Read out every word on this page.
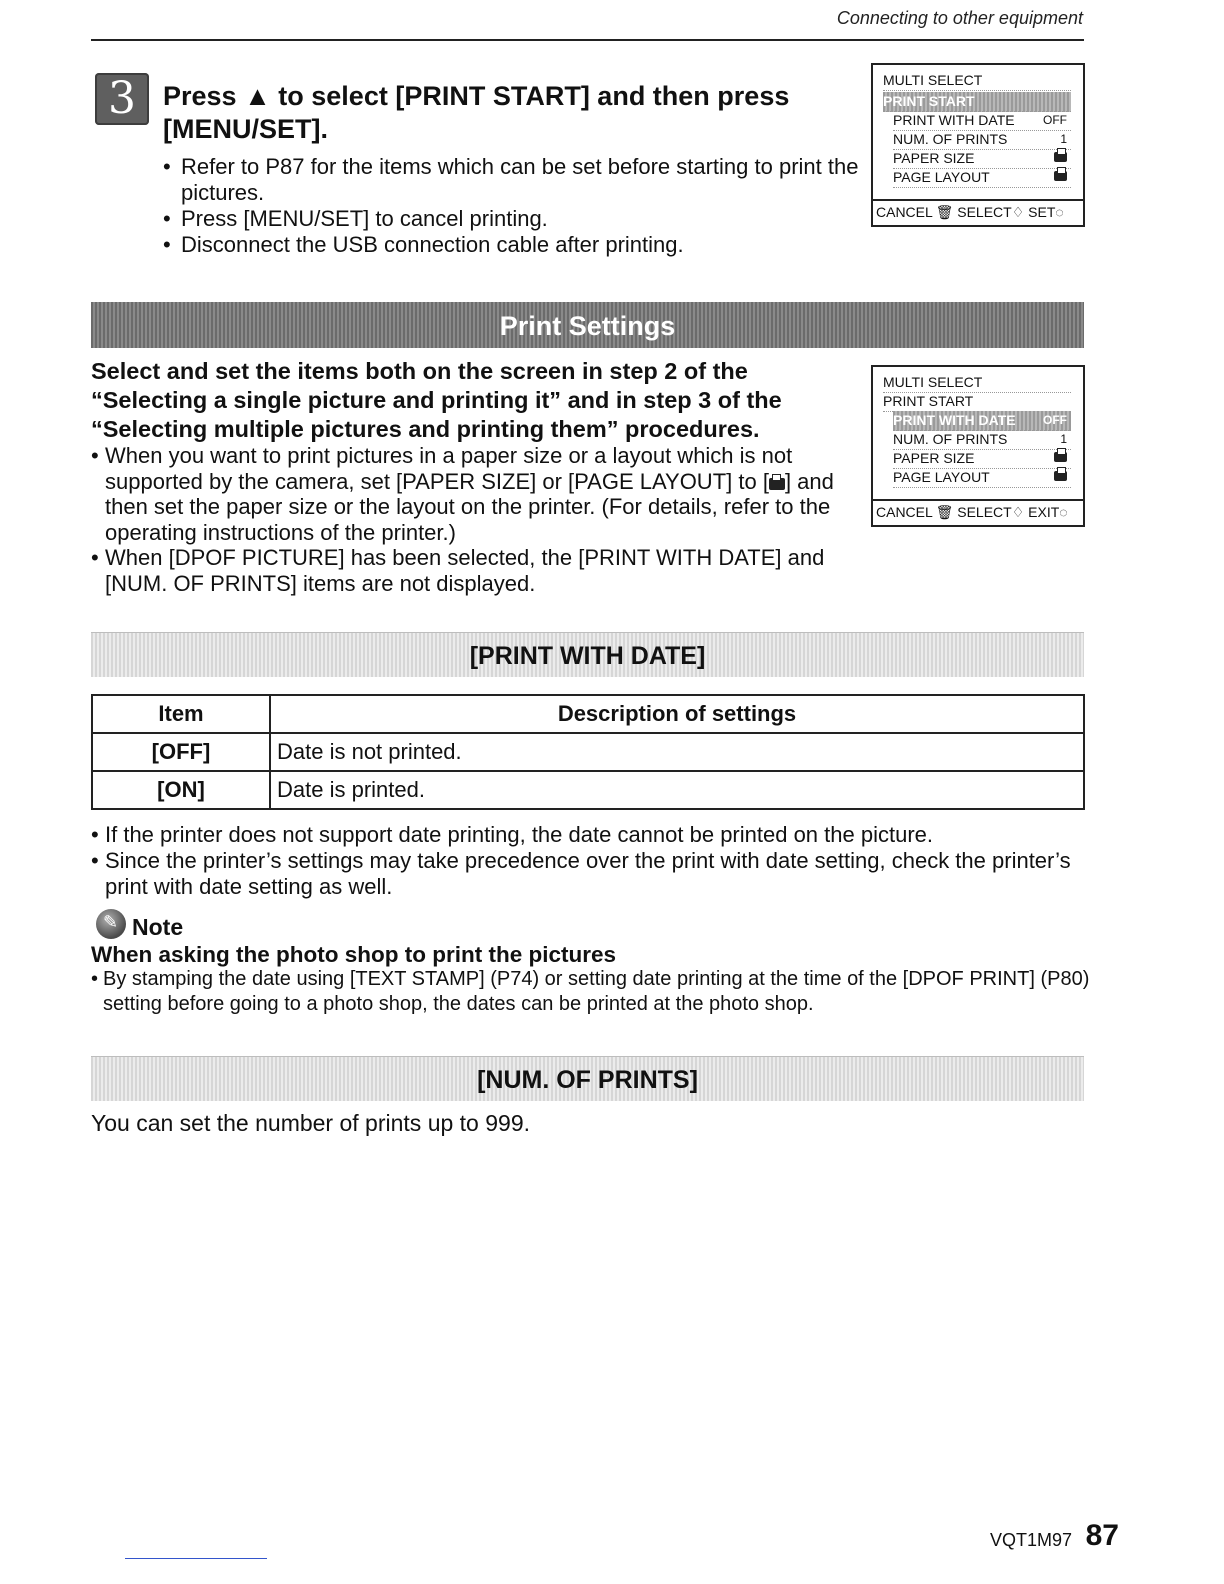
Connecting to other equipment
3	Press ▲ to select [PRINT START] and then press [MENU/SET].
• Refer to P87 for the items which can be set before starting to print the pictures.
• Press [MENU/SET] to cancel printing.
• Disconnect the USB connection cable after printing.
MULTI SELECT
PRINT START
PRINT WITH DATE OFF
NUM. OF PRINTS	1
PAPER SIZE
PAGE LAYOUT
CANCEL 🗑 SELECT♢ SET◌
Print Settings
Select and set the items both on the screen in step 2 of the “Selecting a single picture and printing it” and in step 3 of the “Selecting multiple pictures and printing them” procedures.
• When you want to print pictures in a paper size or a layout which is not supported by the camera, set [PAPER SIZE] or [PAGE LAYOUT] to [ ] and then set the paper size or the layout on the printer. (For details, refer to the operating instructions of the printer.)
• When [DPOF PICTURE] has been selected, the [PRINT WITH DATE] and [NUM. OF PRINTS] items are not displayed.
MULTI SELECT
PRINT START
PRINT WITH DATE OFF
NUM. OF PRINTS	1
PAPER SIZE
PAGE LAYOUT
CANCEL 🗑 SELECT♢ EXIT◌
[PRINT WITH DATE]
Item	Description of settings
[OFF]	Date is not printed.
[ON]	Date is printed.
• If the printer does not support date printing, the date cannot be printed on the picture.
• Since the printer’s settings may take precedence over the print with date setting, check the printer’s print with date setting as well.
✎
Note
When asking the photo shop to print the pictures
• By stamping the date using [TEXT STAMP] (P74) or setting date printing at the time of the [DPOF PRINT] (P80) setting before going to a photo shop, the dates can be printed at the photo shop.
[NUM. OF PRINTS]
You can set the number of prints up to 999.
VQT1M97 87
